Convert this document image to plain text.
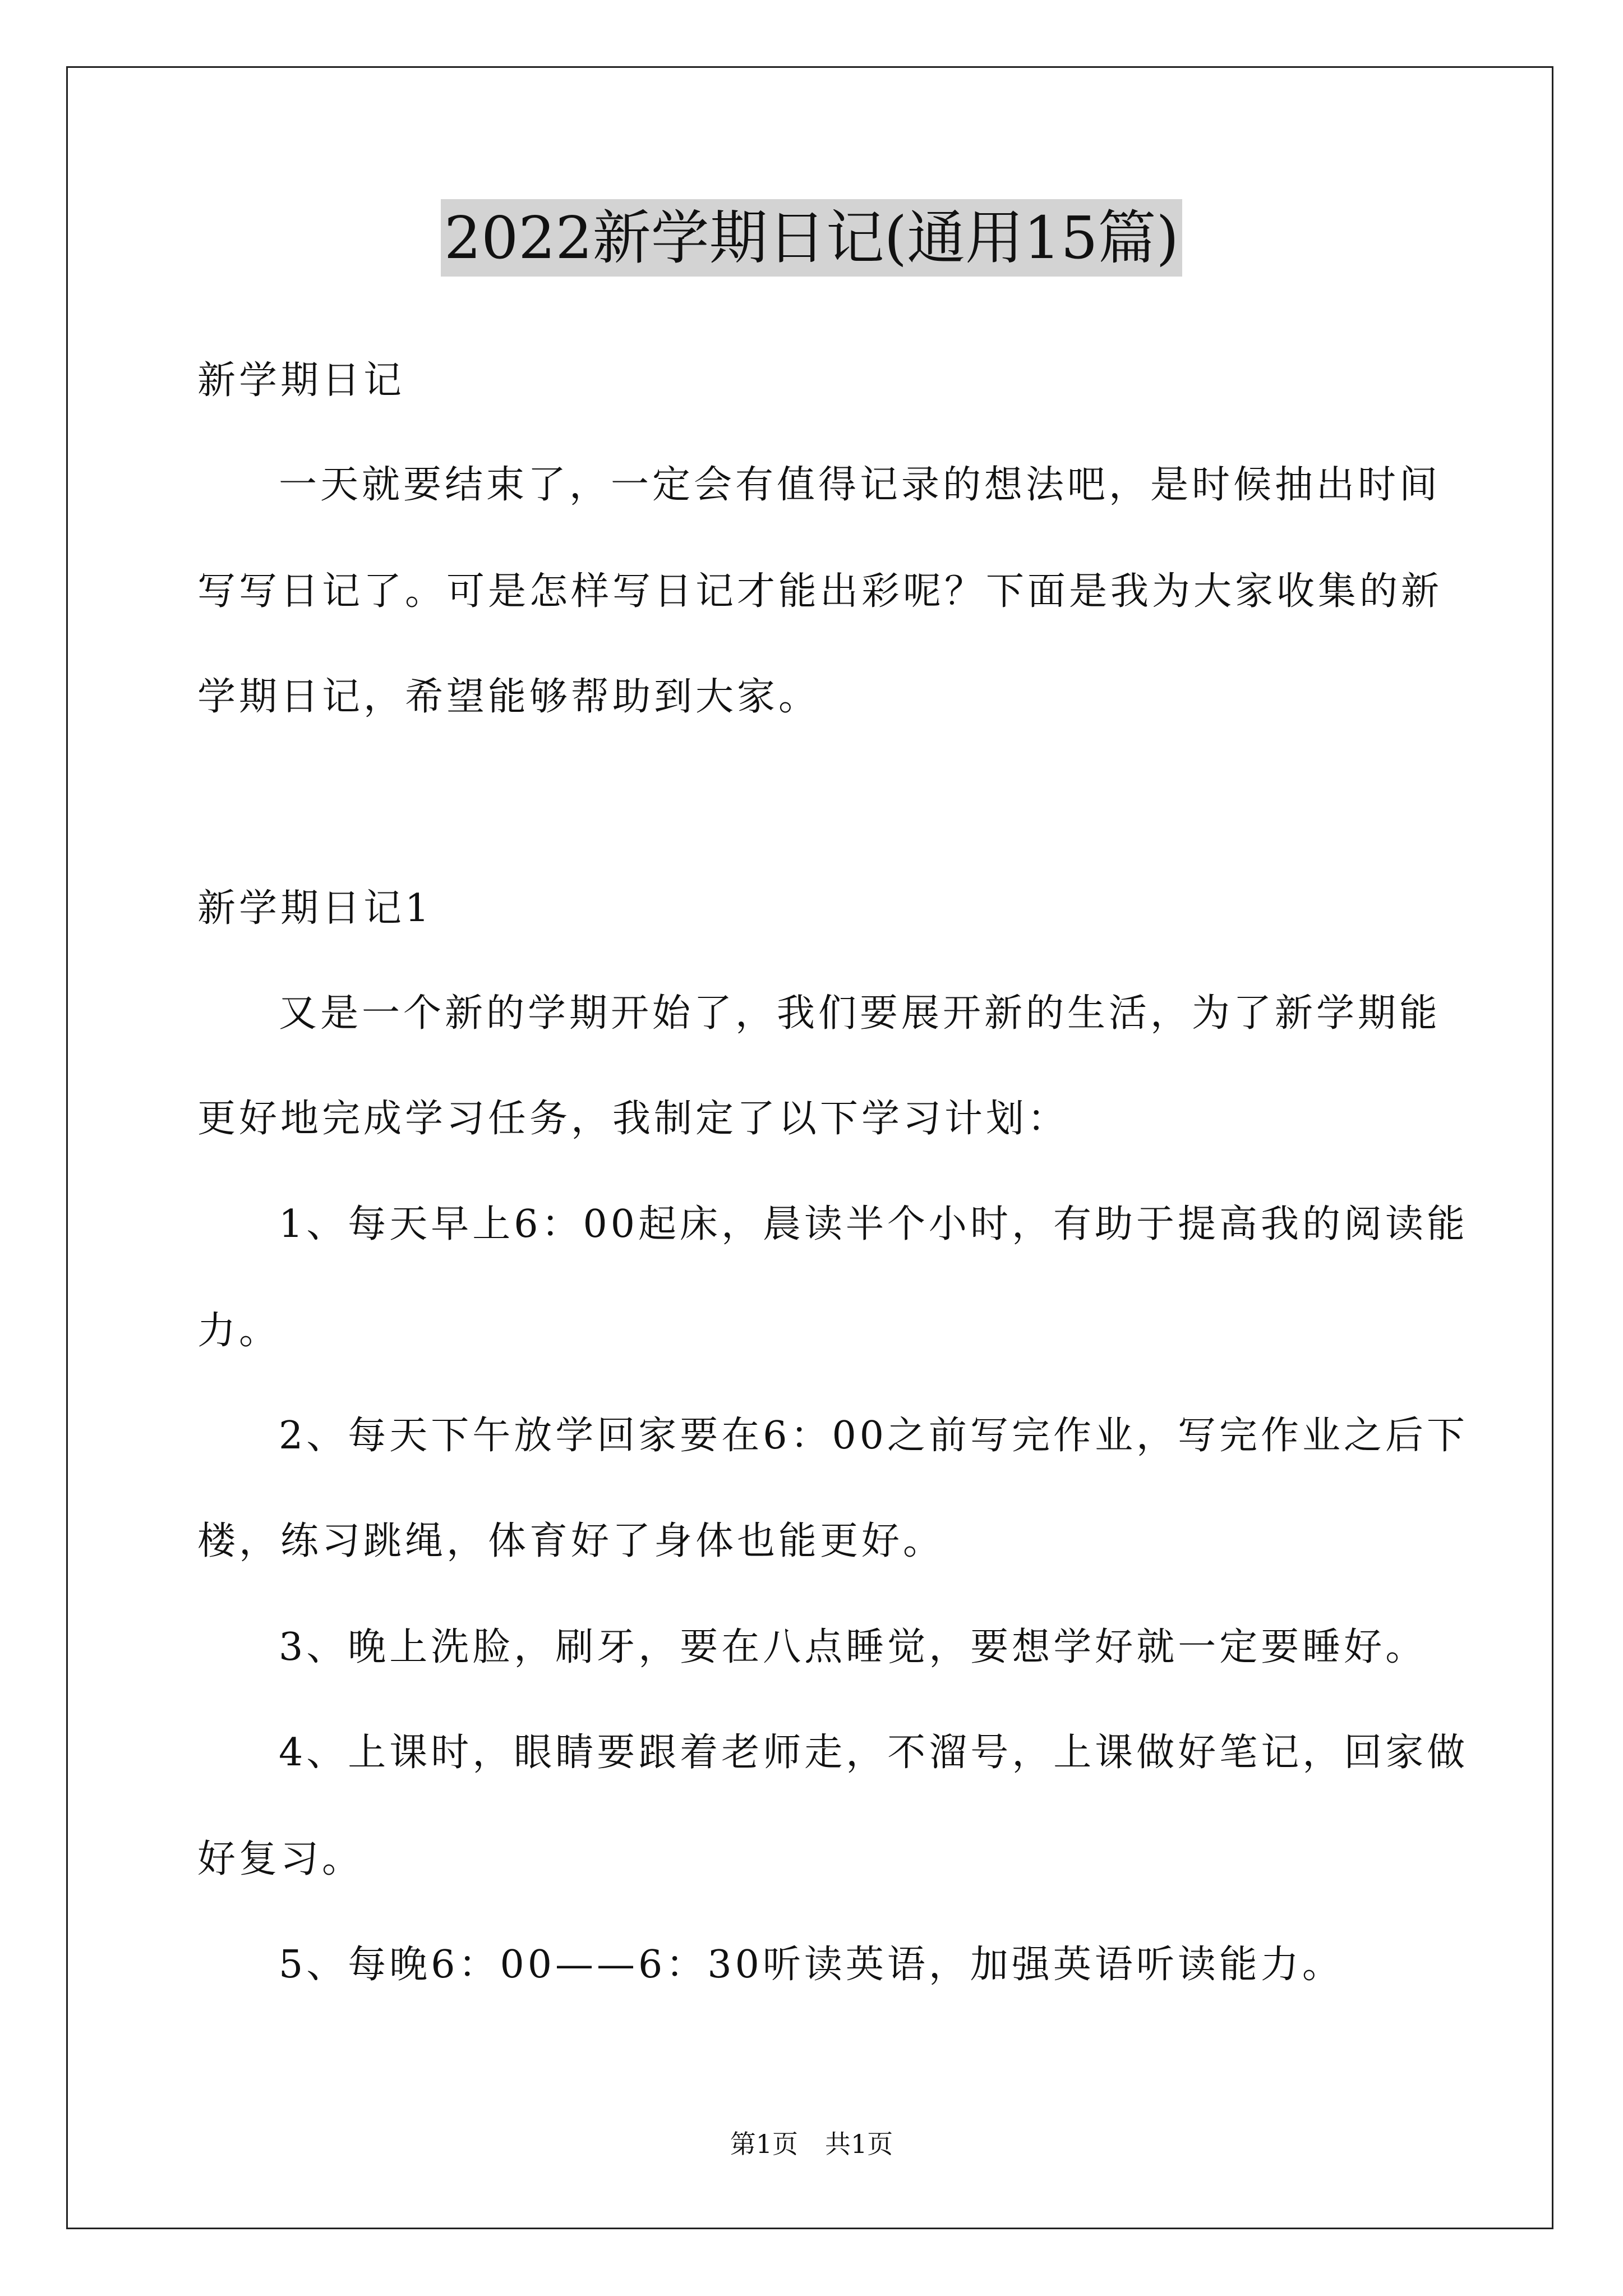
2022新学期日记(通用15篇)
新学期日记
一天就要结束了，一定会有值得记录的想法吧，是时候抽出时间
写写日记了。可是怎样写日记才能出彩呢？下面是我为大家收集的新
学期日记，希望能够帮助到大家。
新学期日记1
又是一个新的学期开始了，我们要展开新的生活，为了新学期能
更好地完成学习任务，我制定了以下学习计划：
1、每天早上6：00起床，晨读半个小时，有助于提高我的阅读能
力。
2、每天下午放学回家要在6：00之前写完作业，写完作业之后下
楼，练习跳绳，体育好了身体也能更好。
3、晚上洗脸，刷牙，要在八点睡觉，要想学好就一定要睡好。
4、上课时，眼睛要跟着老师走，不溜号，上课做好笔记，回家做
好复习。
5、每晚6：00——6：30听读英语，加强英语听读能力。
第1页 共1页
